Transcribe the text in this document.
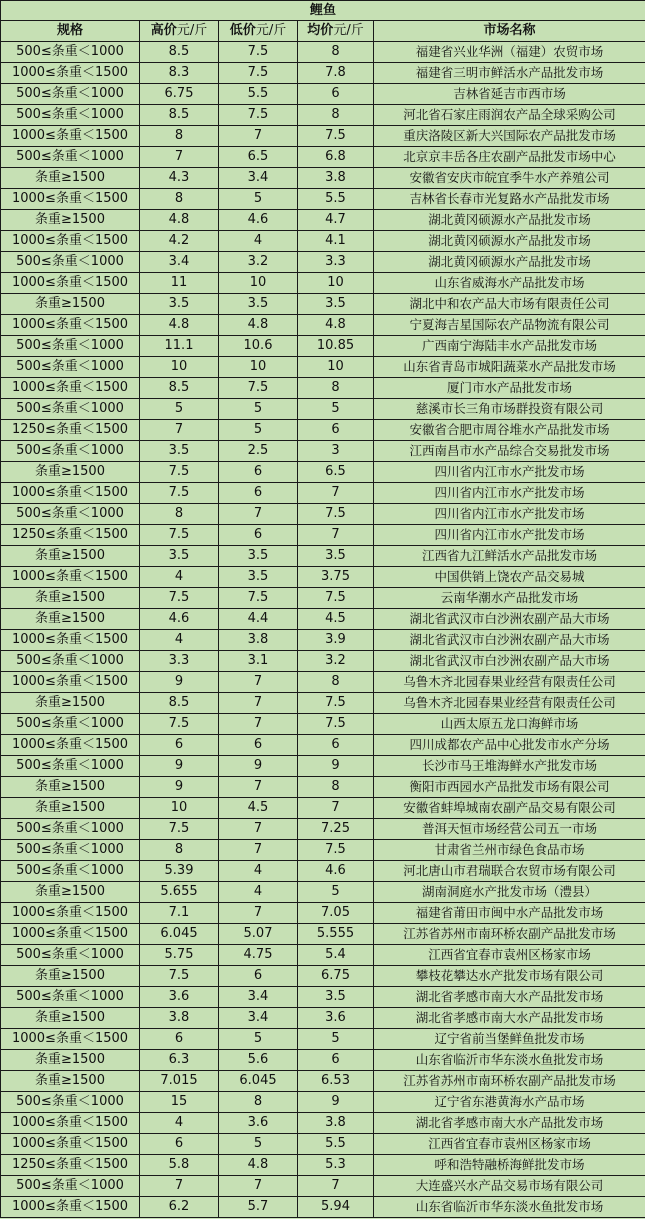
鲤鱼				
规格	高价元/斤	低价元/斤	均价元/斤	市场名称
500≤条重＜1000	8.5	7.5	8	福建省兴业华洲（福建）农贸市场
1000≤条重＜1500	8.3	7.5	7.8	福建省三明市鲜活水产品批发市场
500≤条重＜1000	6.75	5.5	6	吉林省延吉市西市场
500≤条重＜1000	8.5	7.5	8	河北省石家庄雨润农产品全球采购公司
1000≤条重＜1500	8	7	7.5	重庆洛陵区新大兴国际农产品批发市场
500≤条重＜1000	7	6.5	6.8	北京京丰岳各庄农副产品批发市场中心
条重≥1500	4.3	3.4	3.8	安徽省安庆市皖宜季牛水产养殖公司
1000≤条重＜1500	8	5	5.5	吉林省长春市光复路水产品批发市场
条重≥1500	4.8	4.6	4.7	湖北黄冈硕源水产品批发市场
1000≤条重＜1500	4.2	4	4.1	湖北黄冈硕源水产品批发市场
500≤条重＜1000	3.4	3.2	3.3	湖北黄冈硕源水产品批发市场
1000≤条重＜1500	11	10	10	山东省威海水产品批发市场
条重≥1500	3.5	3.5	3.5	湖北中和农产品大市场有限责任公司
1000≤条重＜1500	4.8	4.8	4.8	宁夏海吉星国际农产品物流有限公司
500≤条重＜1000	11.1	10.6	10.85	广西南宁海陆丰水产品批发市场
500≤条重＜1000	10	10	10	山东省青岛市城阳蔬菜水产品批发市场
1000≤条重＜1500	8.5	7.5	8	厦门市水产品批发市场
500≤条重＜1000	5	5	5	慈溪市长三角市场群投资有限公司
1250≤条重＜1500	7	5	6	安徽省合肥市周谷堆水产品批发市场
500≤条重＜1000	3.5	2.5	3	江西南昌市水产品综合交易批发市场
条重≥1500	7.5	6	6.5	四川省内江市水产批发市场
1000≤条重＜1500	7.5	6	7	四川省内江市水产批发市场
500≤条重＜1000	8	7	7.5	四川省内江市水产批发市场
1250≤条重＜1500	7.5	6	7	四川省内江市水产批发市场
条重≥1500	3.5	3.5	3.5	江西省九江鲜活水产品批发市场
1000≤条重＜1500	4	3.5	3.75	中国供销上饶农产品交易城
条重≥1500	7.5	7.5	7.5	云南华潮水产品批发市场
条重≥1500	4.6	4.4	4.5	湖北省武汉市白沙洲农副产品大市场
1000≤条重＜1500	4	3.8	3.9	湖北省武汉市白沙洲农副产品大市场
500≤条重＜1000	3.3	3.1	3.2	湖北省武汉市白沙洲农副产品大市场
1000≤条重＜1500	9	7	8	乌鲁木齐北园春果业经营有限责任公司
条重≥1500	8.5	7	7.5	乌鲁木齐北园春果业经营有限责任公司
500≤条重＜1000	7.5	7	7.5	山西太原五龙口海鲜市场
1000≤条重＜1500	6	6	6	四川成都农产品中心批发市水产分场
500≤条重＜1000	9	9	9	长沙市马王堆海鲜水产批发市场
条重≥1500	9	7	8	衡阳市西园水产品批发市场有限公司
条重≥1500	10	4.5	7	安徽省蚌埠城南农副产品交易有限公司
500≤条重＜1000	7.5	7	7.25	普洱天恒市场经营公司五一市场
500≤条重＜1000	8	7	7.5	甘肃省兰州市绿色食品市场
500≤条重＜1000	5.39	4	4.6	河北唐山市君瑞联合农贸市场有限公司
条重≥1500	5.655	4	5	湖南洞庭水产批发市场（澧县）
1000≤条重＜1500	7.1	7	7.05	福建省莆田市闽中水产品批发市场
1000≤条重＜1500	6.045	5.07	5.555	江苏省苏州市南环桥农副产品批发市场
500≤条重＜1000	5.75	4.75	5.4	江西省宜春市袁州区杨家市场
条重≥1500	7.5	6	6.75	攀枝花攀达水产批发市场有限公司
500≤条重＜1000	3.6	3.4	3.5	湖北省孝感市南大水产品批发市场
条重≥1500	3.8	3.4	3.6	湖北省孝感市南大水产品批发市场
1000≤条重＜1500	6	5	5	辽宁省前当堡鲜鱼批发市场
条重≥1500	6.3	5.6	6	山东省临沂市华东淡水鱼批发市场
条重≥1500	7.015	6.045	6.53	江苏省苏州市南环桥农副产品批发市场
500≤条重＜1000	15	8	9	辽宁省东港黄海水产品市场
1000≤条重＜1500	4	3.6	3.8	湖北省孝感市南大水产品批发市场
1000≤条重＜1500	6	5	5.5	江西省宜春市袁州区杨家市场
1250≤条重＜1500	5.8	4.8	5.3	呼和浩特融桥海鲜批发市场
500≤条重＜1000	7	7	7	大连盛兴水产品交易市场有限公司
1000≤条重＜1500	6.2	5.7	5.94	山东省临沂市华东淡水鱼批发市场
